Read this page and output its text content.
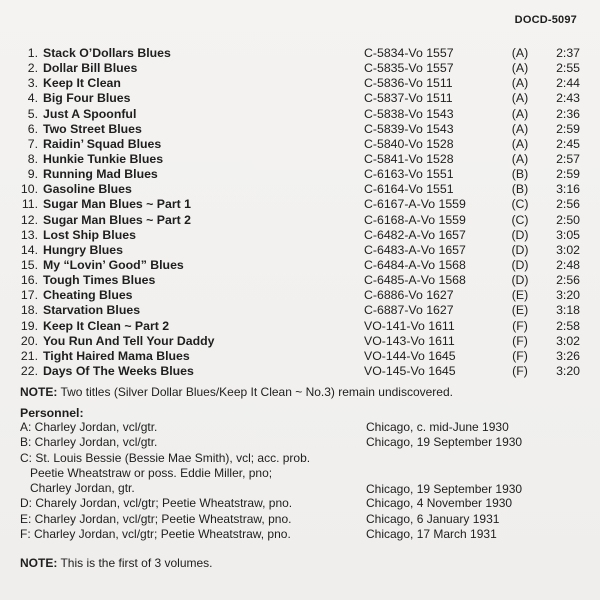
DOCD-5097
1. Stack O’Dollars Blues	C-5834-Vo 1557	(A)	2:37
2. Dollar Bill Blues	C-5835-Vo 1557	(A)	2:55
3. Keep It Clean	C-5836-Vo 1511	(A)	2:44
4. Big Four Blues	C-5837-Vo 1511	(A)	2:43
5. Just A Spoonful	C-5838-Vo 1543	(A)	2:36
6. Two Street Blues	C-5839-Vo 1543	(A)	2:59
7. Raidin’ Squad Blues	C-5840-Vo 1528	(A)	2:45
8. Hunkie Tunkie Blues	C-5841-Vo 1528	(A)	2:57
9. Running Mad Blues	C-6163-Vo 1551	(B)	2:59
10. Gasoline Blues	C-6164-Vo 1551	(B)	3:16
11. Sugar Man Blues ~ Part 1	C-6167-A-Vo 1559	(C)	2:56
12. Sugar Man Blues ~ Part 2	C-6168-A-Vo 1559	(C)	2:50
13. Lost Ship Blues	C-6482-A-Vo 1657	(D)	3:05
14. Hungry Blues	C-6483-A-Vo 1657	(D)	3:02
15. My “Lovin’ Good” Blues	C-6484-A-Vo 1568	(D)	2:48
16. Tough Times Blues	C-6485-A-Vo 1568	(D)	2:56
17. Cheating Blues	C-6886-Vo 1627	(E)	3:20
18. Starvation Blues	C-6887-Vo 1627	(E)	3:18
19. Keep It Clean ~ Part 2	VO-141-Vo 1611	(F)	2:58
20. You Run And Tell Your Daddy	VO-143-Vo 1611	(F)	3:02
21. Tight Haired Mama Blues	VO-144-Vo 1645	(F)	3:26
22. Days Of The Weeks Blues	VO-145-Vo 1645	(F)	3:20
NOTE: Two titles (Silver Dollar Blues/Keep It Clean ~ No.3) remain undiscovered.
Personnel:
A: Charley Jordan, vcl/gtr.	Chicago, c. mid-June 1930
B: Charley Jordan, vcl/gtr.	Chicago, 19 September 1930
C: St. Louis Bessie (Bessie Mae Smith), vcl; acc. prob.
Peetie Wheatstraw or poss. Eddie Miller, pno;
Charley Jordan, gtr.	Chicago, 19 September 1930
D: Charely Jordan, vcl/gtr; Peetie Wheatstraw, pno.	Chicago, 4 November 1930
E: Charley Jordan, vcl/gtr; Peetie Wheatstraw, pno.	Chicago, 6 January 1931
F: Charley Jordan, vcl/gtr; Peetie Wheatstraw, pno.	Chicago, 17 March 1931
NOTE: This is the first of 3 volumes.
